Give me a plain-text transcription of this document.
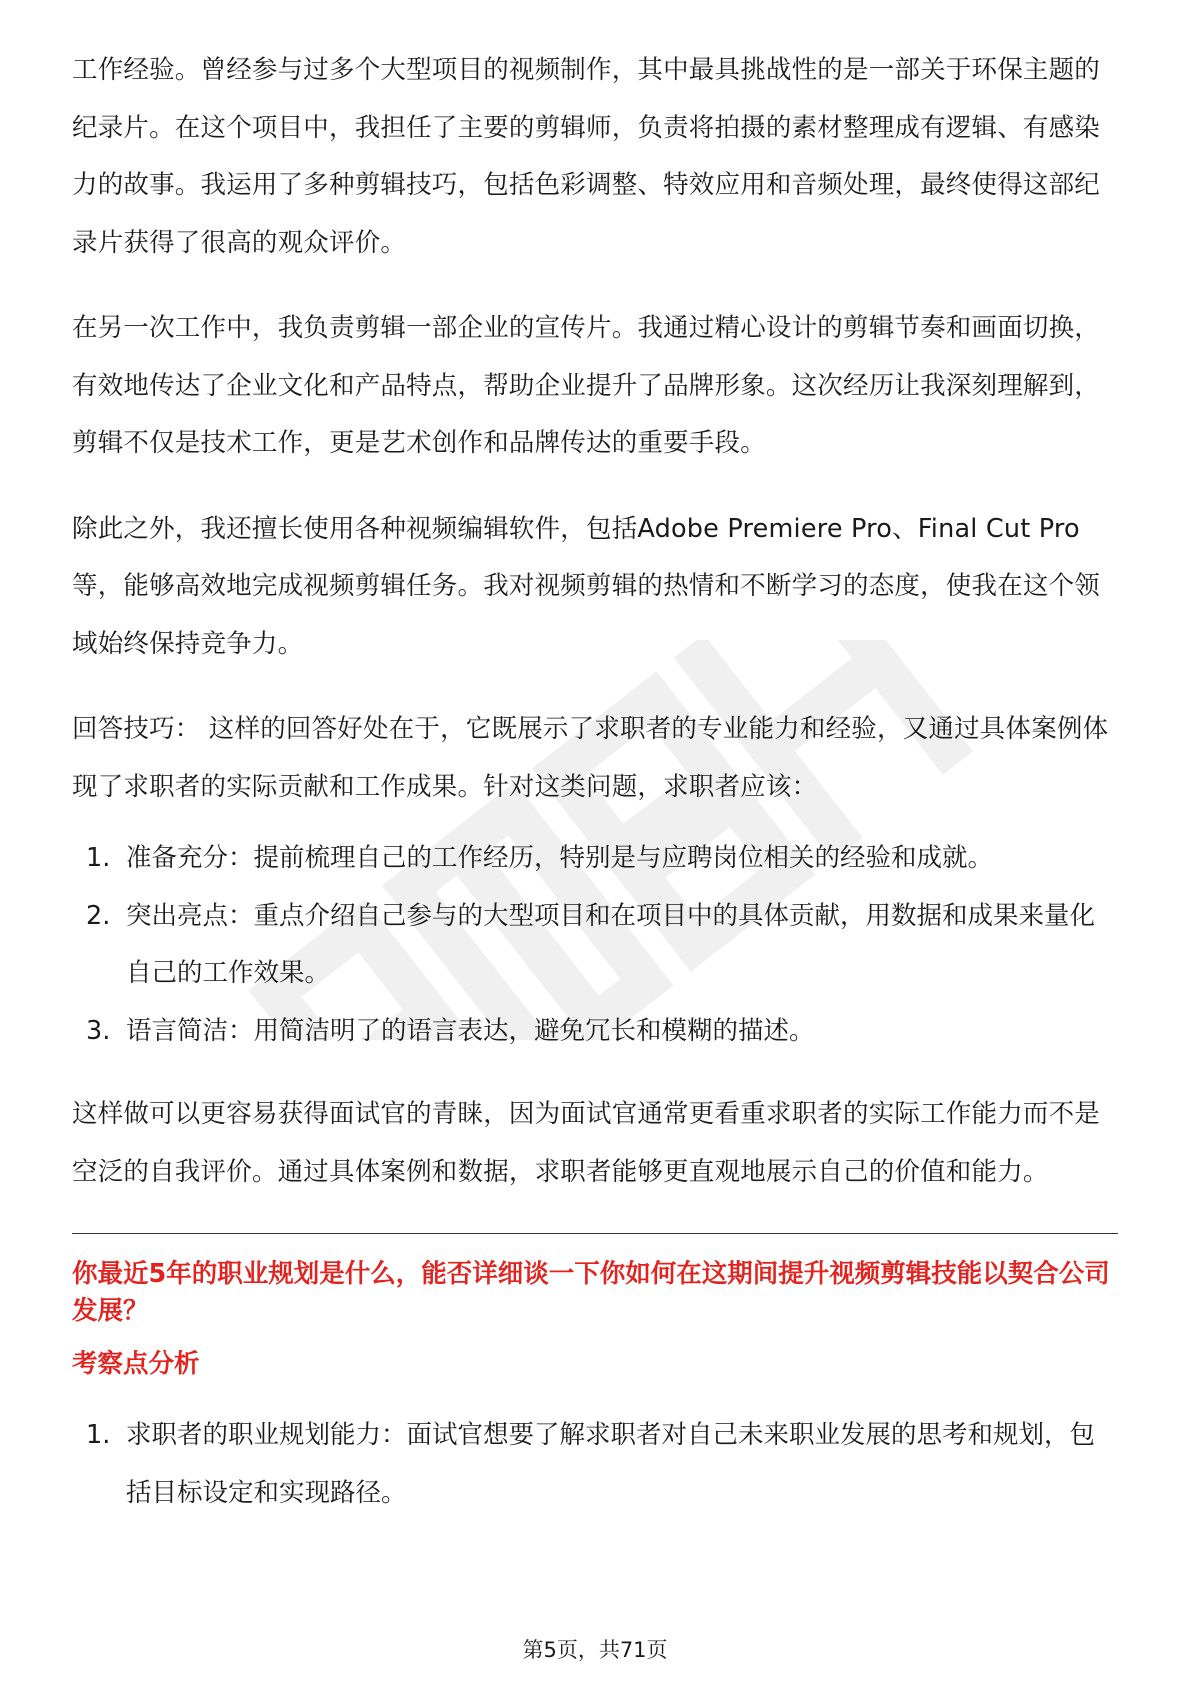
工作经验。曾经参与过多个大型项目的视频制作，其中最具挑战性的是一部关于环保主题的纪录片。在这个项目中，我担任了主要的剪辑师，负责将拍摄的素材整理成有逻辑、有感染力的故事。我运用了多种剪辑技巧，包括色彩调整、特效应用和音频处理，最终使得这部纪录片获得了很高的观众评价。

在另一次工作中，我负责剪辑一部企业的宣传片。我通过精心设计的剪辑节奏和画面切换，有效地传达了企业文化和产品特点，帮助企业提升了品牌形象。这次经历让我深刻理解到，剪辑不仅是技术工作，更是艺术创作和品牌传达的重要手段。

除此之外，我还擅长使用各种视频编辑软件，包括Adobe Premiere Pro、Final Cut Pro等，能够高效地完成视频剪辑任务。我对视频剪辑的热情和不断学习的态度，使我在这个领域始终保持竞争力。

回答技巧： 这样的回答好处在于，它既展示了求职者的专业能力和经验，又通过具体案例体现了求职者的实际贡献和工作成果。针对这类问题，求职者应该：

1. 准备充分：提前梳理自己的工作经历，特别是与应聘岗位相关的经验和成就。
2. 突出亮点：重点介绍自己参与的大型项目和在项目中的具体贡献，用数据和成果来量化自己的工作效果。
3. 语言简洁：用简洁明了的语言表达，避免冗长和模糊的描述。

这样做可以更容易获得面试官的青睐，因为面试官通常更看重求职者的实际工作能力而不是空泛的自我评价。通过具体案例和数据，求职者能够更直观地展示自己的价值和能力。

你最近5年的职业规划是什么，能否详细谈一下你如何在这期间提升视频剪辑技能以契合公司发展？
考察点分析
1. 求职者的职业规划能力：面试官想要了解求职者对自己未来职业发展的思考和规划，包括目标设定和实现路径。
第5页，共71页
